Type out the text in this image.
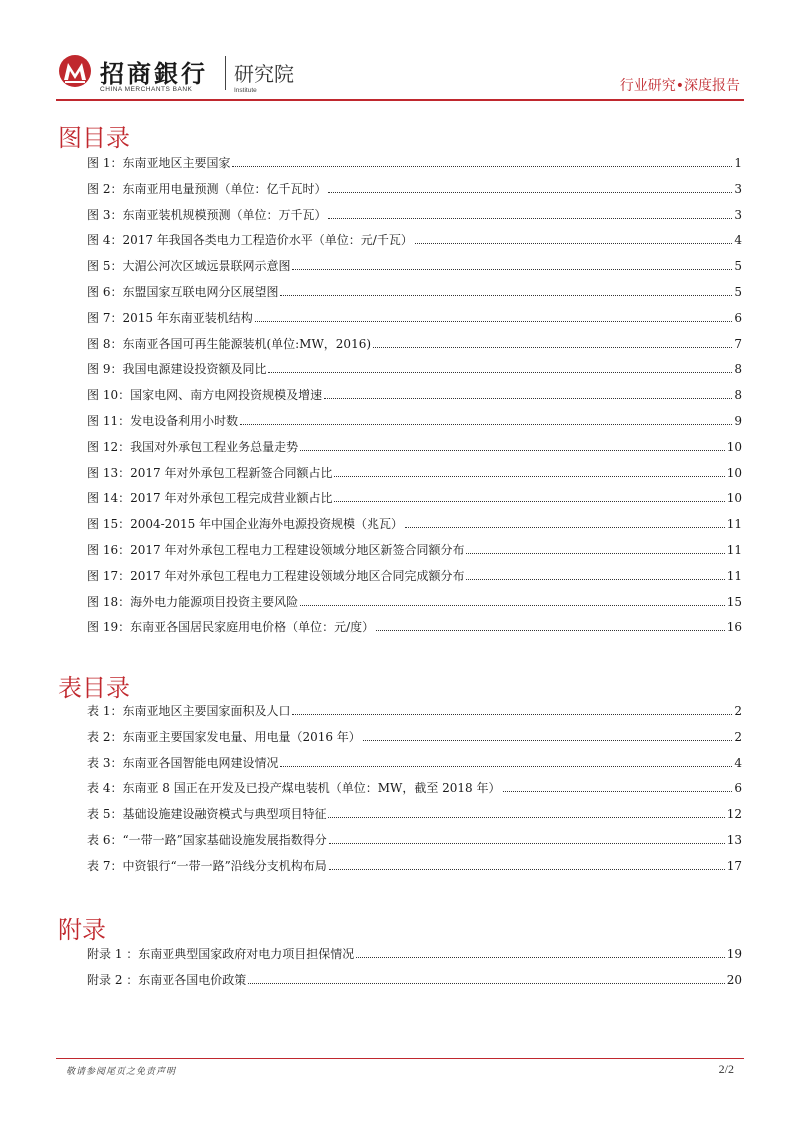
招商銀行
CHINA MERCHANTS BANK
研究院
Institute	行业研究•深度报告
图目录
图 1：东南亚地区主要国家	1
图 2：东南亚用电量预测（单位：亿千瓦时）	3
图 3：东南亚装机规模预测（单位：万千瓦）	3
图 4：2017 年我国各类电力工程造价水平（单位：元/千瓦）	4
图 5：大湄公河次区域远景联网示意图	5
图 6：东盟国家互联电网分区展望图	5
图 7：2015 年东南亚装机结构	6
图 8：东南亚各国可再生能源装机(单位:MW，2016)	7
图 9：我国电源建设投资额及同比	8
图 10：国家电网、南方电网投资规模及增速	8
图 11：发电设备利用小时数	9
图 12：我国对外承包工程业务总量走势	10
图 13：2017 年对外承包工程新签合同额占比	10
图 14：2017 年对外承包工程完成营业额占比	10
图 15：2004-2015 年中国企业海外电源投资规模（兆瓦）	11
图 16：2017 年对外承包工程电力工程建设领域分地区新签合同额分布	11
图 17：2017 年对外承包工程电力工程建设领域分地区合同完成额分布	11
图 18：海外电力能源项目投资主要风险	15
图 19：东南亚各国居民家庭用电价格（单位：元/度）	16
表目录
表 1：东南亚地区主要国家面积及人口	2
表 2：东南亚主要国家发电量、用电量（2016 年）	2
表 3：东南亚各国智能电网建设情况	4
表 4：东南亚 8 国正在开发及已投产煤电装机（单位：MW，截至 2018 年）	6
表 5：基础设施建设融资模式与典型项目特征	12
表 6：“一带一路”国家基础设施发展指数得分	13
表 7：中资银行“一带一路”沿线分支机构布局	17
附录
附录 1 ：东南亚典型国家政府对电力项目担保情况	19
附录 2 ：东南亚各国电价政策	20
敬请参阅尾页之免责声明	2/2
